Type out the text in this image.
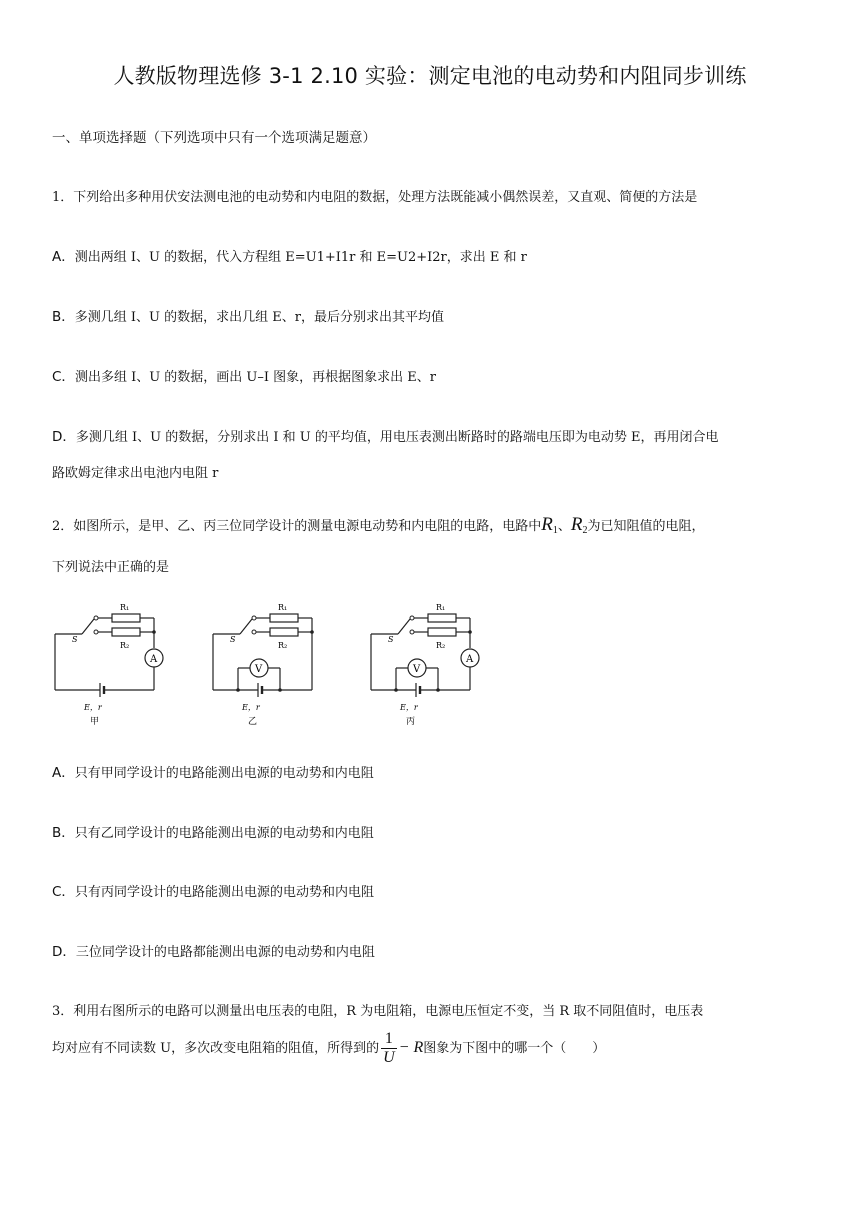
人教版物理选修 3-1 2.10 实验：测定电池的电动势和内阻同步训练
一、单项选择题（下列选项中只有一个选项满足题意）
1．下列给出多种用伏安法测电池的电动势和内电阻的数据，处理方法既能减小偶然误差，又直观、简便的方法是
A．测出两组 I、U 的数据，代入方程组 E=U1+I1r 和 E=U2+I2r，求出 E 和 r
B．多测几组 I、U 的数据，求出几组 E、r，最后分别求出其平均值
C．测出多组 I、U 的数据，画出 U–I 图象，再根据图象求出 E、r
D．多测几组 I、U 的数据，分别求出 I 和 U 的平均值，用电压表测出断路时的路端电压即为电动势 E，再用闭合电
路欧姆定律求出电池内电阻 r
2．如图所示，是甲、乙、丙三位同学设计的测量电源电动势和内电阻的电路，电路中$R_1$、$R_2$为已知阻值的电阻，
下列说法中正确的是
A
R₁
R₂
S
E，r
甲
V
R₁
R₂
S
E，r
乙
A
V
R₁
R₂
S
E，r
丙
A．只有甲同学设计的电路能测出电源的电动势和内电阻
B．只有乙同学设计的电路能测出电源的电动势和内电阻
C．只有丙同学设计的电路能测出电源的电动势和内电阻
D．三位同学设计的电路都能测出电源的电动势和内电阻
3．利用右图所示的电路可以测量出电压表的电阻，R 为电阻箱，电源电压恒定不变，当 R 取不同阻值时，电压表
均对应有不同读数 U，多次改变电阻箱的阻值，所得到的 $\frac{1}{U} - R$图象为下图中的哪一个（　　）
